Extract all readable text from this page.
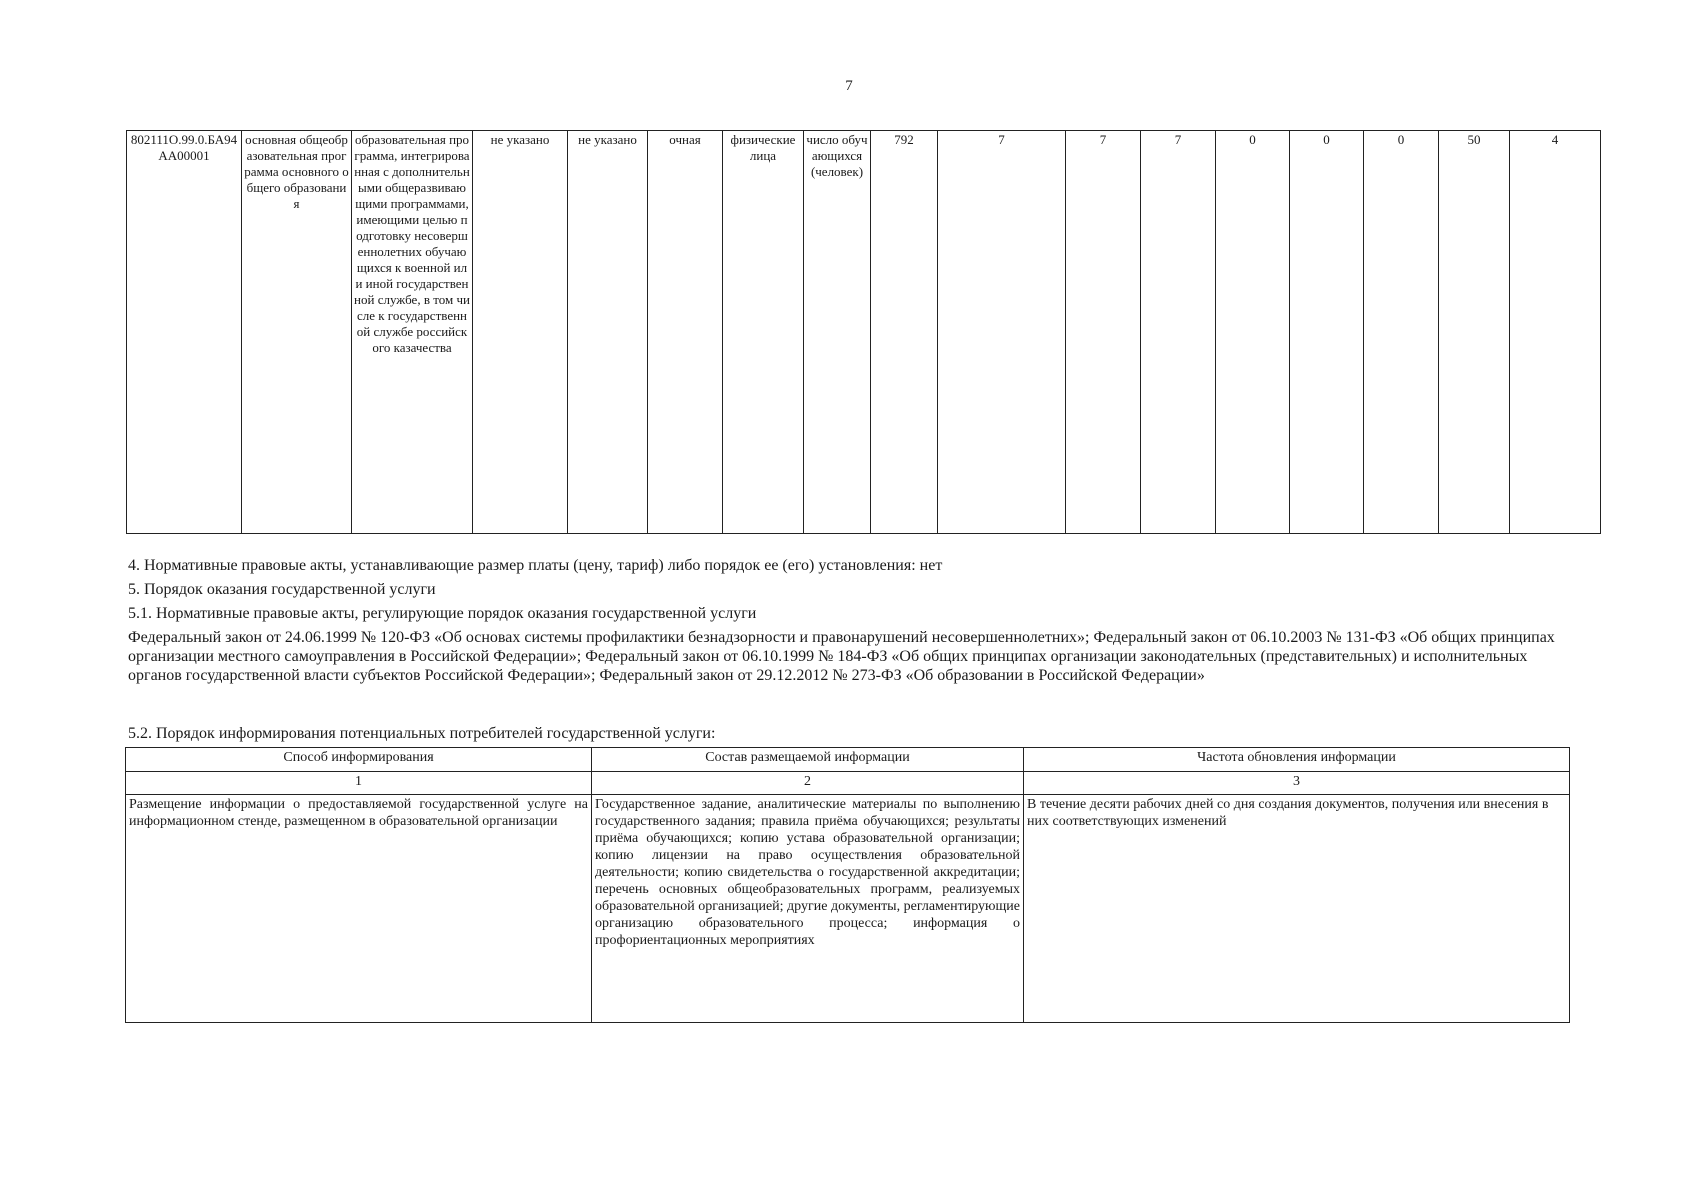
7
802111О.99.0.БА94АА00001	основная общеобразовательная программа основного общего образования	образовательная программа, интегрированная с дополнительными общеразвивающими программами, имеющими целью подготовку несовершеннолетних обучающихся к военной или иной государственной службе, в том числе к государственной службе российского казачества	не указано	не указано	очная	физические лица	число обучающихся (человек)	792	7	7	7	0	0	0	50	4
4. Нормативные правовые акты, устанавливающие размер платы (цену, тариф) либо порядок ее (его) установления: нет
5. Порядок оказания государственной услуги
5.1. Нормативные правовые акты, регулирующие порядок оказания государственной услуги
Федеральный закон от 24.06.1999 № 120-ФЗ «Об основах системы профилактики безнадзорности и правонарушений несовершеннолетних»; Федеральный закон от 06.10.2003 № 131-ФЗ «Об общих принципах организации местного самоуправления в Российской Федерации»; Федеральный закон от 06.10.1999 № 184-ФЗ «Об общих принципах организации законодательных (представительных) и исполнительных органов государственной власти субъектов Российской Федерации»; Федеральный закон от 29.12.2012 № 273-ФЗ «Об образовании в Российской Федерации»
5.2. Порядок информирования потенциальных потребителей государственной услуги:
Способ информирования	Состав размещаемой информации	Частота обновления информации
1	2	3
Размещение информации о предоставляемой государственной услуге на информационном стенде, размещенном в образовательной организации	Государственное задание, аналитические материалы по выполнению государственного задания; правила приёма обучающихся; результаты приёма обучающихся; копию устава образовательной организации; копию лицензии на право осуществления образовательной деятельности; копию свидетельства о государственной аккредитации; перечень основных общеобразовательных программ, реализуемых образовательной организацией; другие документы, регламентирующие организацию образовательного процесса; информация о профориентационных мероприятиях	В течение десяти рабочих дней со дня создания документов, получения или внесения в них соответствующих изменений
